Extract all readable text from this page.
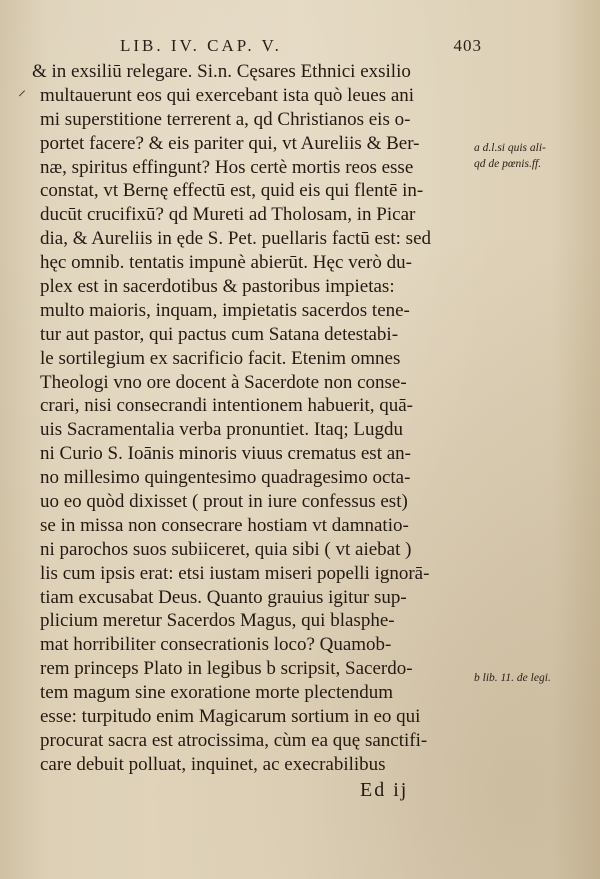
LIB. IV. CAP. V.	403
⸝
& in exsiliū relegare. Si.n. Cęsares Ethnici exsilio
multauerunt eos qui exercebant ista quò leues ani
mi superstitione terrerent a, qd Christianos eis o-
portet facere? & eis pariter qui, vt Aureliis & Ber-
næ, spiritus effingunt? Hos certè mortis reos esse
constat, vt Bernę effectū est, quid eis qui flentē in-
ducūt crucifixū? qd Mureti ad Tholosam, in Picar
dia, & Aureliis in ęde S. Pet. puellaris factū est: sed
hęc omnib. tentatis impunè abierūt. Hęc verò du-
plex est in sacerdotibus & pastoribus impietas:
multo maioris, inquam, impietatis sacerdos tene-
tur aut pastor, qui pactus cum Satana detestabi-
le sortilegium ex sacrificio facit. Etenim omnes
Theologi vno ore docent à Sacerdote non conse-
crari, nisi consecrandi intentionem habuerit, quā-
uis Sacramentalia verba pronuntiet. Itaq; Lugdu
ni Curio S. Ioānis minoris viuus crematus est an-
no millesimo quingentesimo quadragesimo octa-
uo eo quòd dixisset ( prout in iure confessus est)
se in missa non consecrare hostiam vt damnatio-
ni parochos suos subiiceret, quia sibi ( vt aiebat )
lis cum ipsis erat: etsi iustam miseri popelli ignorā-
tiam excusabat Deus. Quanto grauius igitur sup-
plicium meretur Sacerdos Magus, qui blasphe-
mat horribiliter consecrationis loco? Quamob-
rem princeps Plato in legibus b scripsit, Sacerdo-
tem magum sine exoratione morte plectendum
esse: turpitudo enim Magicarum sortium in eo qui
procurat sacra est atrocissima, cùm ea quę sanctifi-
care debuit polluat, inquinet, ac execrabilibus
a d.l.si quis ali-
qd de pœnis.ff.
b lib. 11. de legi.
Ed ij
